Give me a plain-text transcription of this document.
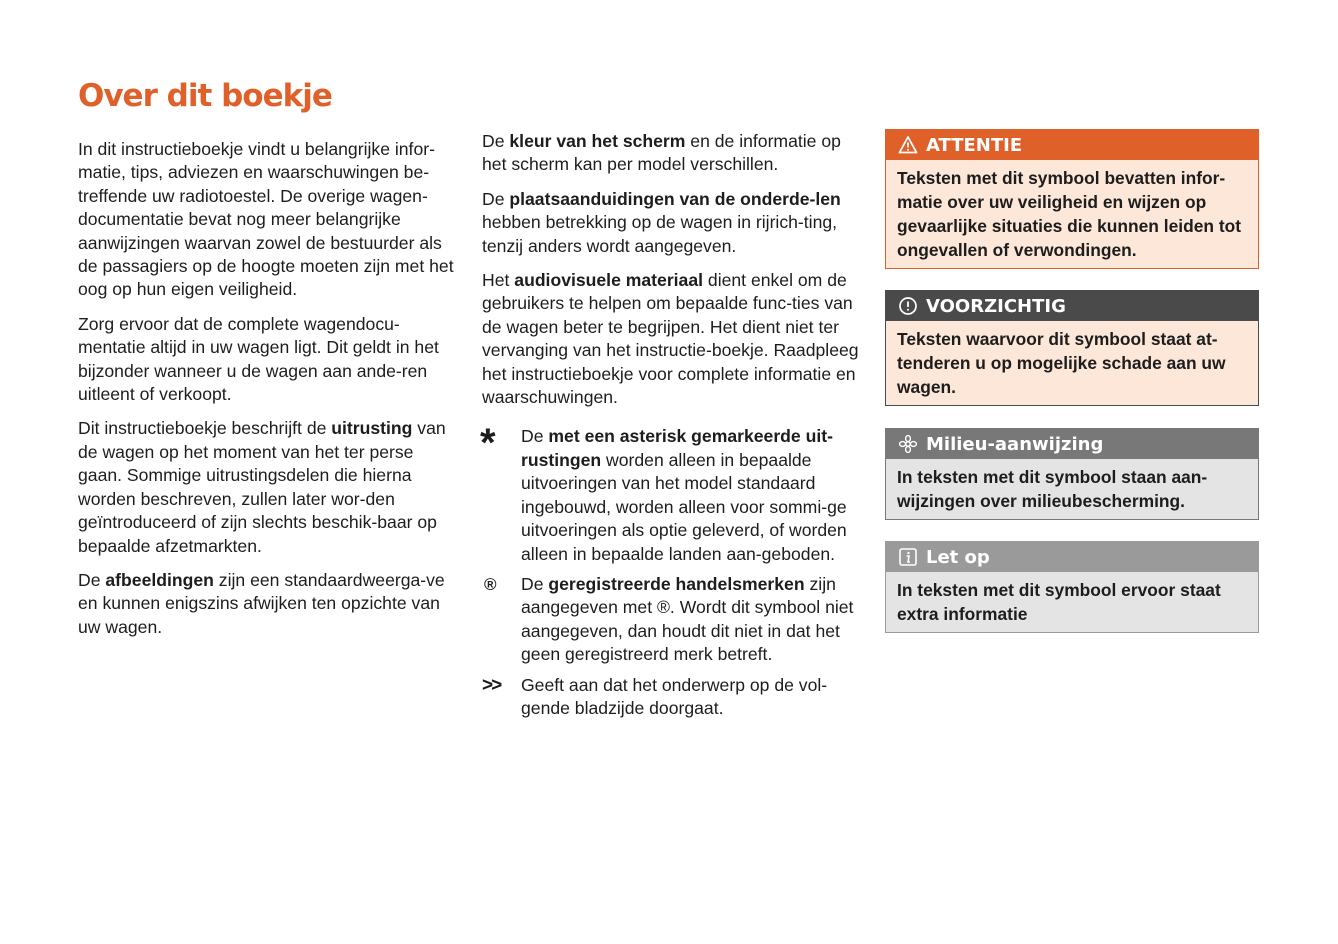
Over dit boekje

In dit instructieboekje vindt u belangrijke infor-matie, tips, adviezen en waarschuwingen be-treffende uw radiotoestel. De overige wagen-documentatie bevat nog meer belangrijke aanwijzingen waarvan zowel de bestuurder als de passagiers op de hoogte moeten zijn met het oog op hun eigen veiligheid.

Zorg ervoor dat de complete wagendocu-mentatie altijd in uw wagen ligt. Dit geldt in het bijzonder wanneer u de wagen aan ande-ren uitleent of verkoopt.

Dit instructieboekje beschrijft de uitrusting van de wagen op het moment van het ter perse gaan. Sommige uitrustingsdelen die hierna worden beschreven, zullen later wor-den geïntroduceerd of zijn slechts beschik-baar op bepaalde afzetmarkten.

De afbeeldingen zijn een standaardweerga-ve en kunnen enigszins afwijken ten opzichte van uw wagen.

De kleur van het scherm en de informatie op het scherm kan per model verschillen.

De plaatsaanduidingen van de onderde-len hebben betrekking op de wagen in rijrich-ting, tenzij anders wordt aangegeven.

Het audiovisuele materiaal dient enkel om de gebruikers te helpen om bepaalde func-ties van de wagen beter te begrijpen. Het dient niet ter vervanging van het instructie-boekje. Raadpleeg het instructieboekje voor complete informatie en waarschuwingen.

*	De met een asterisk gemarkeerde uit-rustingen worden alleen in bepaalde uitvoeringen van het model standaard ingebouwd, worden alleen voor sommi-ge uitvoeringen als optie geleverd, of worden alleen in bepaalde landen aan-geboden.
®	De geregistreerde handelsmerken zijn aangegeven met ®. Wordt dit symbool niet aangegeven, dan houdt dit niet in dat het geen geregistreerd merk betreft.
>>	Geeft aan dat het onderwerp op de vol-gende bladzijde doorgaat.
ATTENTIE
Teksten met dit symbool bevatten infor-matie over uw veiligheid en wijzen op gevaarlijke situaties die kunnen leiden tot ongevallen of verwondingen.
VOORZICHTIG
Teksten waarvoor dit symbool staat at-tenderen u op mogelijke schade aan uw wagen.
Milieu-aanwijzing
In teksten met dit symbool staan aan-wijzingen over milieubescherming.
Let op
In teksten met dit symbool ervoor staat extra informatie
